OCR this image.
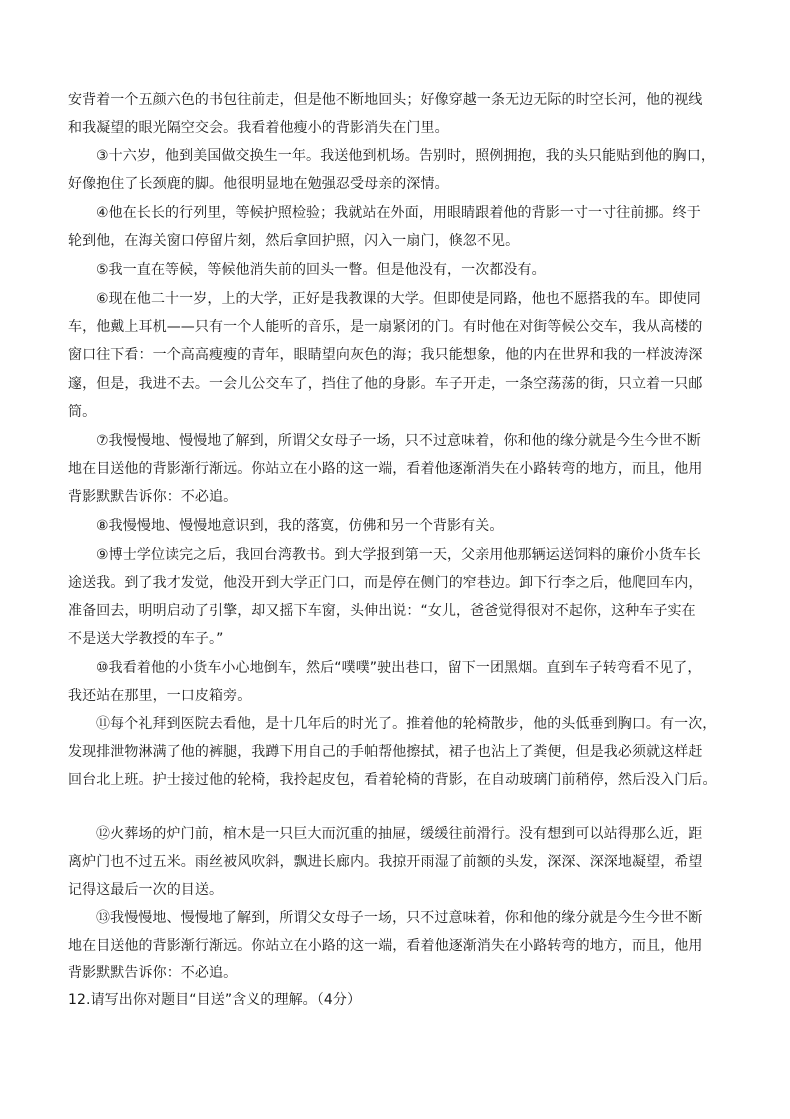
安背着一个五颜六色的书包往前走，但是他不断地回头；好像穿越一条无边无际的时空长河，他的视线
和我凝望的眼光隔空交会。我看着他瘦小的背影消失在门里。
③十六岁，他到美国做交换生一年。我送他到机场。告别时，照例拥抱，我的头只能贴到他的胸口，
好像抱住了长颈鹿的脚。他很明显地在勉强忍受母亲的深情。
④他在长长的行列里，等候护照检验；我就站在外面，用眼睛跟着他的背影一寸一寸往前挪。终于
轮到他，在海关窗口停留片刻，然后拿回护照，闪入一扇门，倏忽不见。
⑤我一直在等候，等候他消失前的回头一瞥。但是他没有，一次都没有。
⑥现在他二十一岁，上的大学，正好是我教课的大学。但即使是同路，他也不愿搭我的车。即使同
车，他戴上耳机——只有一个人能听的音乐，是一扇紧闭的门。有时他在对街等候公交车，我从高楼的
窗口往下看：一个高高瘦瘦的青年，眼睛望向灰色的海；我只能想象，他的内在世界和我的一样波涛深
邃，但是，我进不去。一会儿公交车了，挡住了他的身影。车子开走，一条空荡荡的街，只立着一只邮
筒。
⑦我慢慢地、慢慢地了解到，所谓父女母子一场，只不过意味着，你和他的缘分就是今生今世不断
地在目送他的背影渐行渐远。你站立在小路的这一端，看着他逐渐消失在小路转弯的地方，而且，他用
背影默默告诉你：不必追。
⑧我慢慢地、慢慢地意识到，我的落寞，仿佛和另一个背影有关。
⑨博士学位读完之后，我回台湾教书。到大学报到第一天，父亲用他那辆运送饲料的廉价小货车长
途送我。到了我才发觉，他没开到大学正门口，而是停在侧门的窄巷边。卸下行李之后，他爬回车内，
准备回去，明明启动了引擎，却又摇下车窗，头伸出说：“女儿，爸爸觉得很对不起你，这种车子实在
不是送大学教授的车子。”
⑩我看着他的小货车小心地倒车，然后“噗噗”驶出巷口，留下一团黑烟。直到车子转弯看不见了，
我还站在那里，一口皮箱旁。
⑪每个礼拜到医院去看他，是十几年后的时光了。推着他的轮椅散步，他的头低垂到胸口。有一次，
发现排泄物淋满了他的裤腿，我蹲下用自己的手帕帮他擦拭，裙子也沾上了粪便，但是我必须就这样赶
回台北上班。护士接过他的轮椅，我拎起皮包，看着轮椅的背影，在自动玻璃门前稍停，然后没入门后。
⑫火葬场的炉门前，棺木是一只巨大而沉重的抽屉，缓缓往前滑行。没有想到可以站得那么近，距
离炉门也不过五米。雨丝被风吹斜，飘进长廊内。我掠开雨湿了前额的头发，深深、深深地凝望，希望
记得这最后一次的目送。
⑬我慢慢地、慢慢地了解到，所谓父女母子一场，只不过意味着，你和他的缘分就是今生今世不断
地在目送他的背影渐行渐远。你站立在小路的这一端，看着他逐渐消失在小路转弯的地方，而且，他用
背影默默告诉你：不必追。
12.请写出你对题目“目送”含义的理解。（4分）
